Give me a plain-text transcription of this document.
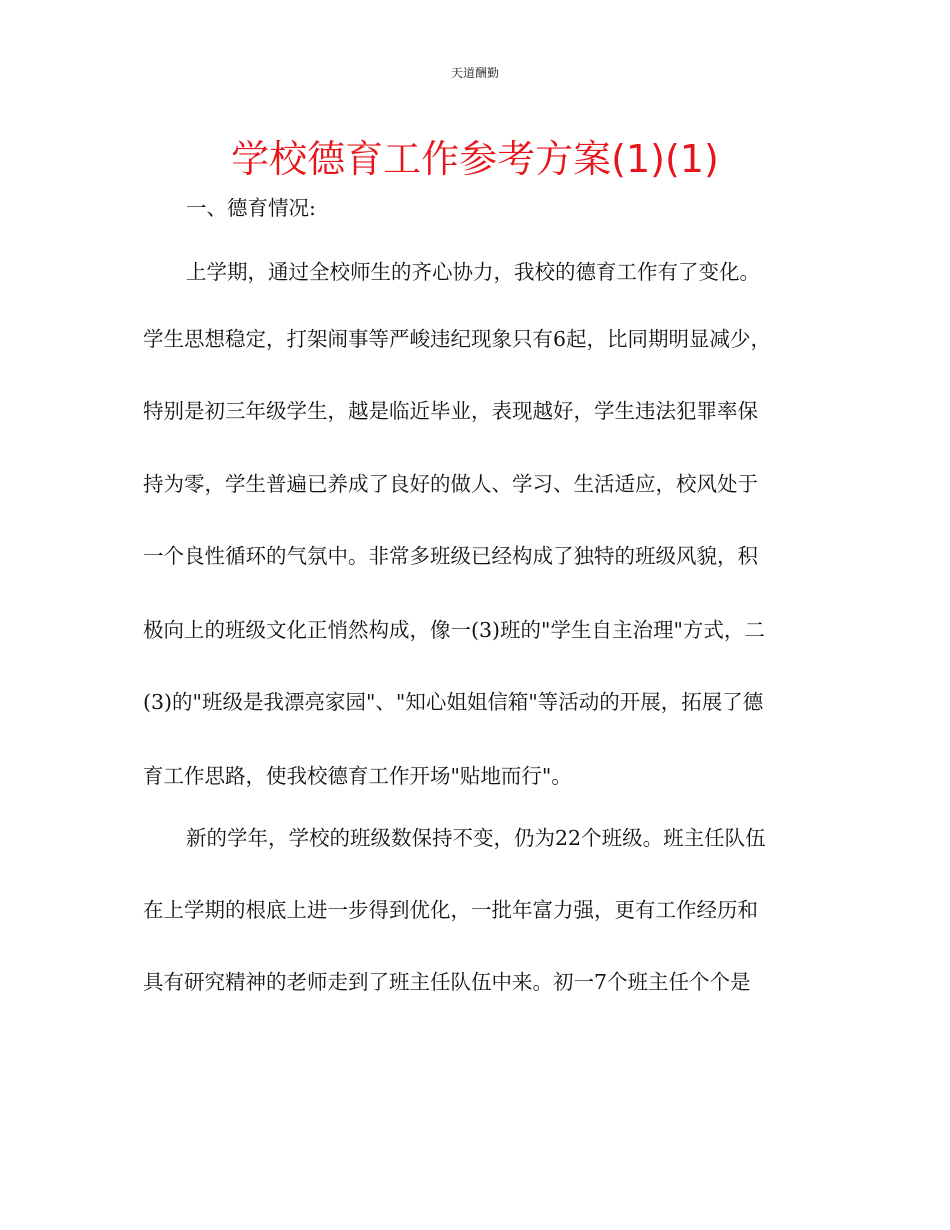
天道酬勤
学校德育工作参考方案(1)(1)
一、德育情况:
上学期，通过全校师生的齐心协力，我校的德育工作有了变化。
学生思想稳定，打架闹事等严峻违纪现象只有6起，比同期明显减少，
特别是初三年级学生，越是临近毕业，表现越好，学生违法犯罪率保
持为零，学生普遍已养成了良好的做人、学习、生活适应，校风处于
一个良性循环的气氛中。非常多班级已经构成了独特的班级风貌，积
极向上的班级文化正悄然构成，像一(3)班的"学生自主治理"方式，二
(3)的"班级是我漂亮家园"、"知心姐姐信箱"等活动的开展，拓展了德
育工作思路，使我校德育工作开场"贴地而行"。
新的学年，学校的班级数保持不变，仍为22个班级。班主任队伍
在上学期的根底上进一步得到优化，一批年富力强，更有工作经历和
具有研究精神的老师走到了班主任队伍中来。初一7个班主任个个是
